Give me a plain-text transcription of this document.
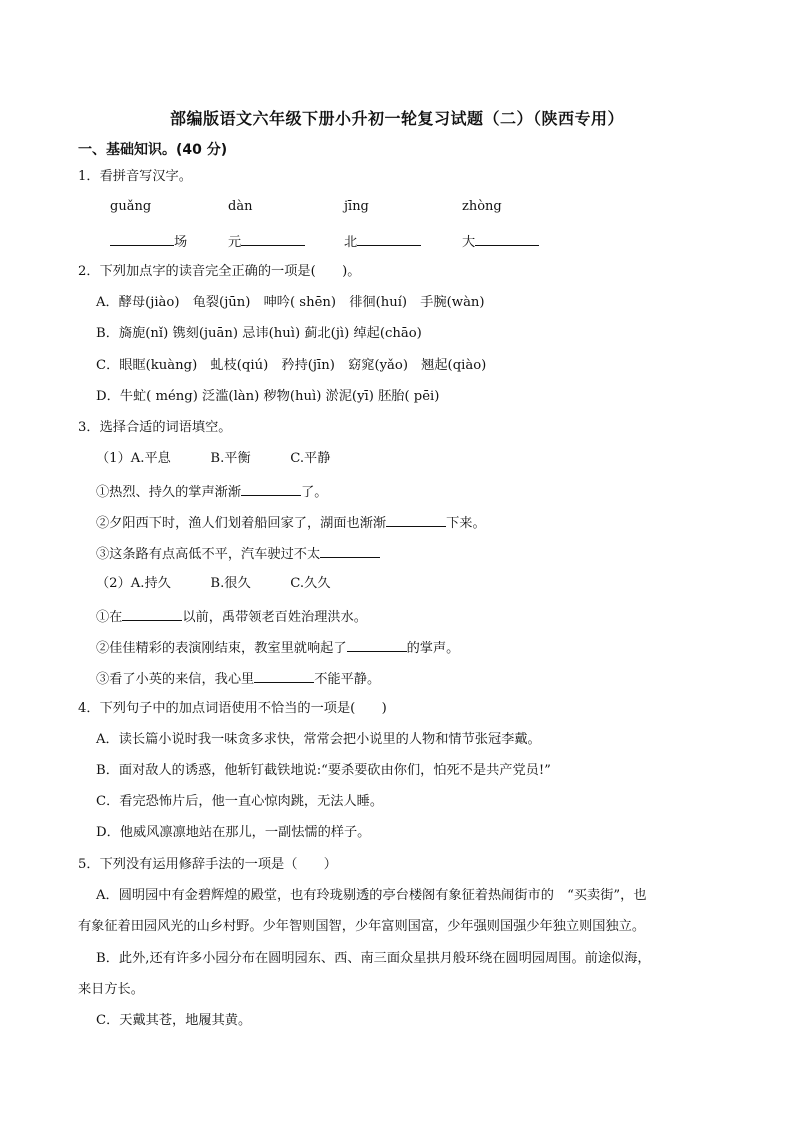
部编版语文六年级下册小升初一轮复习试题（二）（陕西专用）
一、基础知识。(40 分)
1．看拼音写汉字。
guǎng	dàn	jīng	zhòng
场	元	北	大
2．下列加点字的读音完全正确的一项是(　　)。
A．酵母(jiào)　龟裂(jūn)　呻吟( shēn)　徘徊(huí)　手腕(wàn)
B．旖旎(nǐ) 镌刻(juān) 忌讳(huì) 蓟北(jì) 绰起(chāo)
C．眼眶(kuàng)　虬枝(qiú)　矜持(jīn)　窈窕(yǎo)　翘起(qiào)
D．牛虻( méng) 泛滥(làn) 秽物(huì) 淤泥(yī) 胚胎( pēi)
3．选择合适的词语填空。
（1）A.平息　　　B.平衡　　　C.平静
①热烈、持久的掌声渐渐	了。
②夕阳西下时，渔人们划着船回家了，湖面也渐渐	下来。
③这条路有点高低不平，汽车驶过不太
（2）A.持久　　　B.很久　　　C.久久
①在	以前，禹带领老百姓治理洪水。
②佳佳精彩的表演刚结束，教室里就响起了	的掌声。
③看了小英的来信，我心里	不能平静。
4．下列句子中的加点词语使用不恰当的一项是(　　)
A．读长篇小说时我一味贪多求快，常常会把小说里的人物和情节张冠李戴。
B．面对敌人的诱惑，他斩钉截铁地说:“要杀要砍由你们，怕死不是共产党员!”
C．看完恐怖片后，他一直心惊肉跳，无法人睡。
D．他威风凛凛地站在那儿，一副怯懦的样子。
5．下列没有运用修辞手法的一项是（　　）
A．圆明园中有金碧辉煌的殿堂，也有玲珑剔透的亭台楼阁有象征着热闹街市的　“买卖街”，也
有象征着田园风光的山乡村野。少年智则国智，少年富则国富，少年强则国强少年独立则国独立。
B．此外,还有许多小园分布在圆明园东、西、南三面众星拱月般环绕在圆明园周围。前途似海，
来日方长。
C．天戴其苍，地履其黄。
